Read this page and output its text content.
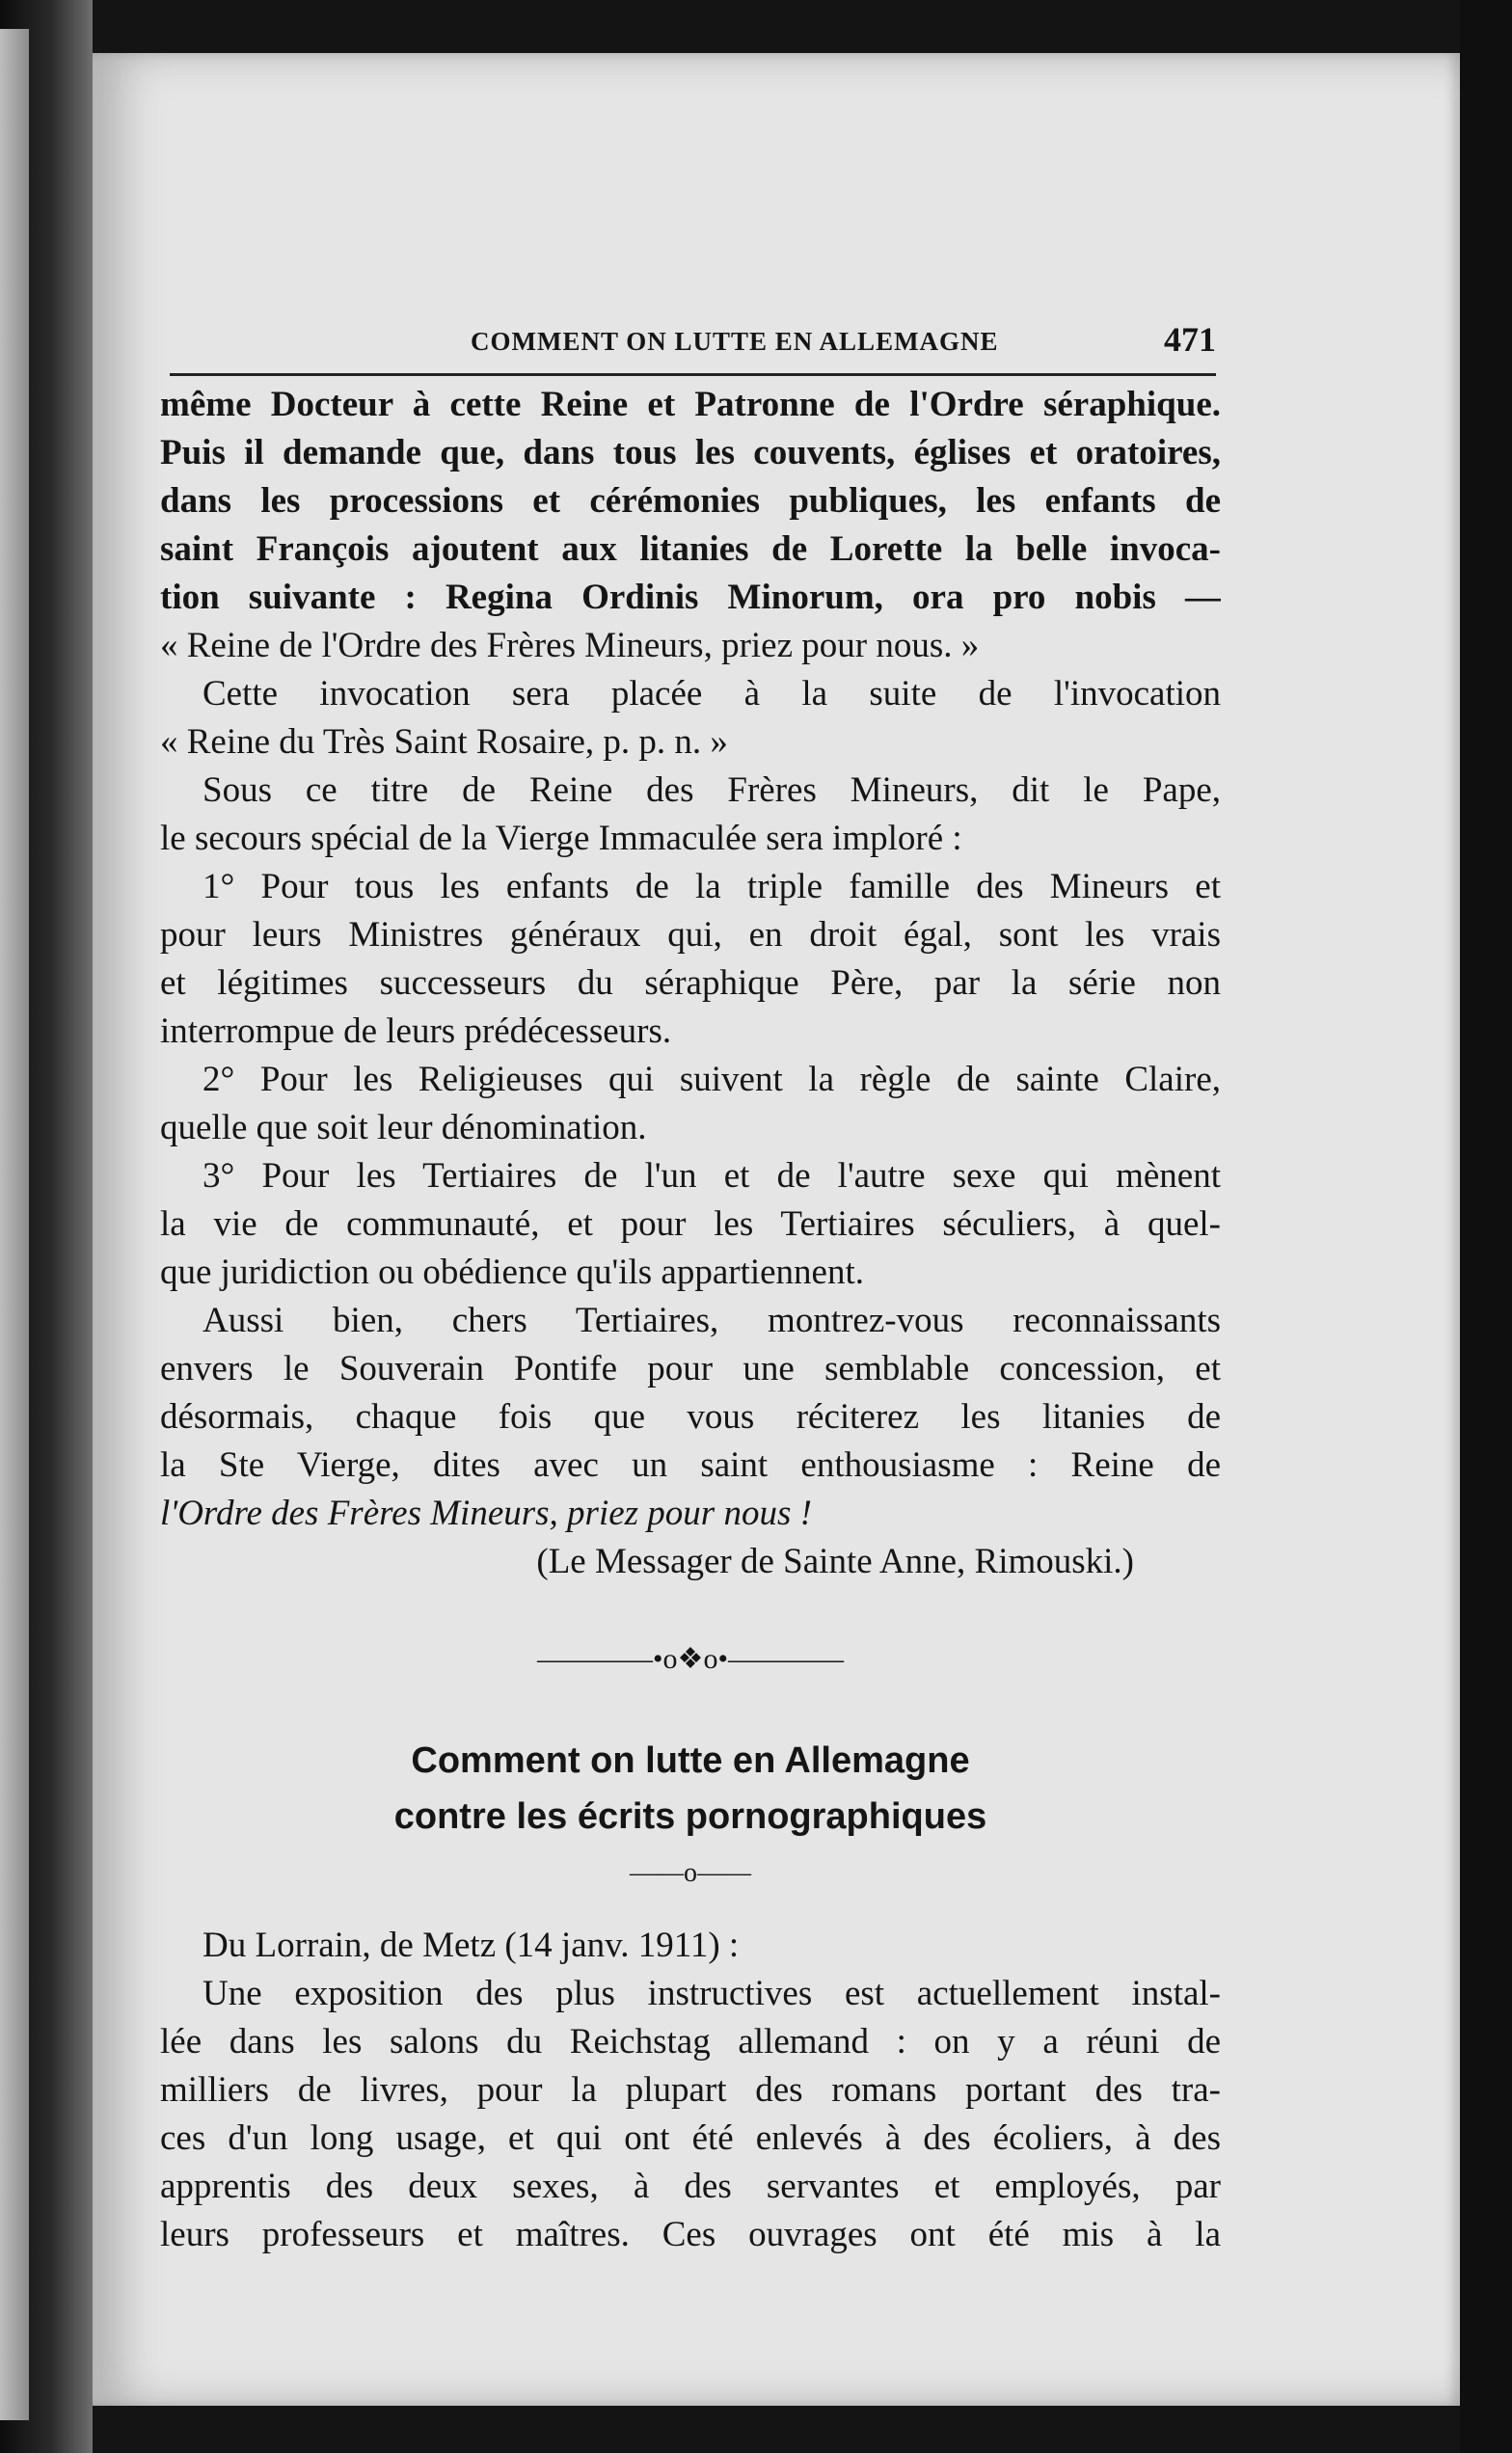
COMMENT ON LUTTE EN ALLEMAGNE	471
même Docteur à cette Reine et Patronne de l'Ordre séraphique.
Puis il demande que, dans tous les couvents, églises et oratoires,
dans les processions et cérémonies publiques, les enfants de
saint François ajoutent aux litanies de Lorette la belle invoca-
tion suivante : Regina Ordinis Minorum, ora pro nobis —
« Reine de l'Ordre des Frères Mineurs, priez pour nous. »
Cette invocation sera placée à la suite de l'invocation
« Reine du Très Saint Rosaire, p. p. n. »
Sous ce titre de Reine des Frères Mineurs, dit le Pape,
le secours spécial de la Vierge Immaculée sera imploré :
1° Pour tous les enfants de la triple famille des Mineurs et
pour leurs Ministres généraux qui, en droit égal, sont les vrais
et légitimes successeurs du séraphique Père, par la série non
interrompue de leurs prédécesseurs.
2° Pour les Religieuses qui suivent la règle de sainte Claire,
quelle que soit leur dénomination.
3° Pour les Tertiaires de l'un et de l'autre sexe qui mènent
la vie de communauté, et pour les Tertiaires séculiers, à quel-
que juridiction ou obédience qu'ils appartiennent.
Aussi bien, chers Tertiaires, montrez-vous reconnaissants
envers le Souverain Pontife pour une semblable concession, et
désormais, chaque fois que vous réciterez les litanies de
la Ste Vierge, dites avec un saint enthousiasme : Reine de
l'Ordre des Frères Mineurs, priez pour nous !
(Le Messager de Sainte Anne, Rimouski.)
————•o❖o•————
Comment on lutte en Allemagne
contre les écrits pornographiques
——o——
Du Lorrain, de Metz (14 janv. 1911) :
Une exposition des plus instructives est actuellement instal-
lée dans les salons du Reichstag allemand : on y a réuni de
milliers de livres, pour la plupart des romans portant des tra-
ces d'un long usage, et qui ont été enlevés à des écoliers, à des
apprentis des deux sexes, à des servantes et employés, par
leurs professeurs et maîtres. Ces ouvrages ont été mis à la
